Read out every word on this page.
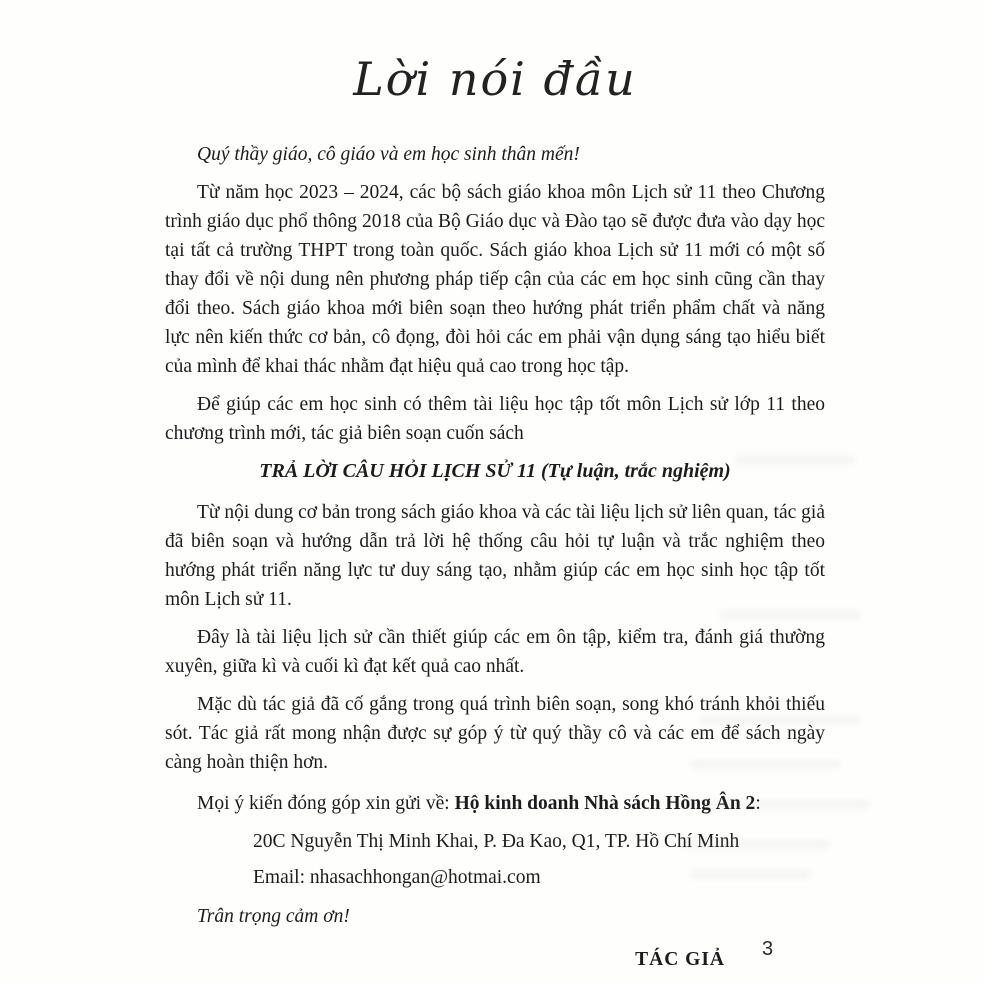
Lời nói đầu

Quý thầy giáo, cô giáo và em học sinh thân mến!

Từ năm học 2023 – 2024, các bộ sách giáo khoa môn Lịch sử 11 theo Chương trình giáo dục phổ thông 2018 của Bộ Giáo dục và Đào tạo sẽ được đưa vào dạy học tại tất cả trường THPT trong toàn quốc. Sách giáo khoa Lịch sử 11 mới có một số thay đổi về nội dung nên phương pháp tiếp cận của các em học sinh cũng cần thay đổi theo. Sách giáo khoa mới biên soạn theo hướng phát triển phẩm chất và năng lực nên kiến thức cơ bản, cô đọng, đòi hỏi các em phải vận dụng sáng tạo hiểu biết của mình để khai thác nhằm đạt hiệu quả cao trong học tập.

Để giúp các em học sinh có thêm tài liệu học tập tốt môn Lịch sử lớp 11 theo chương trình mới, tác giả biên soạn cuốn sách

TRẢ LỜI CÂU HỎI LỊCH SỬ 11 (Tự luận, trắc nghiệm)

Từ nội dung cơ bản trong sách giáo khoa và các tài liệu lịch sử liên quan, tác giả đã biên soạn và hướng dẫn trả lời hệ thống câu hỏi tự luận và trắc nghiệm theo hướng phát triển năng lực tư duy sáng tạo, nhằm giúp các em học sinh học tập tốt môn Lịch sử 11.

Đây là tài liệu lịch sử cần thiết giúp các em ôn tập, kiểm tra, đánh giá thường xuyên, giữa kì và cuối kì đạt kết quả cao nhất.

Mặc dù tác giả đã cố gắng trong quá trình biên soạn, song khó tránh khỏi thiếu sót. Tác giả rất mong nhận được sự góp ý từ quý thầy cô và các em để sách ngày càng hoàn thiện hơn.

Mọi ý kiến đóng góp xin gửi về: Hộ kinh doanh Nhà sách Hồng Ân 2:

20C Nguyễn Thị Minh Khai, P. Đa Kao, Q1, TP. Hồ Chí Minh

Email: nhasachhongan@hotmai.com

Trân trọng cảm ơn!

TÁC GIẢ 3
